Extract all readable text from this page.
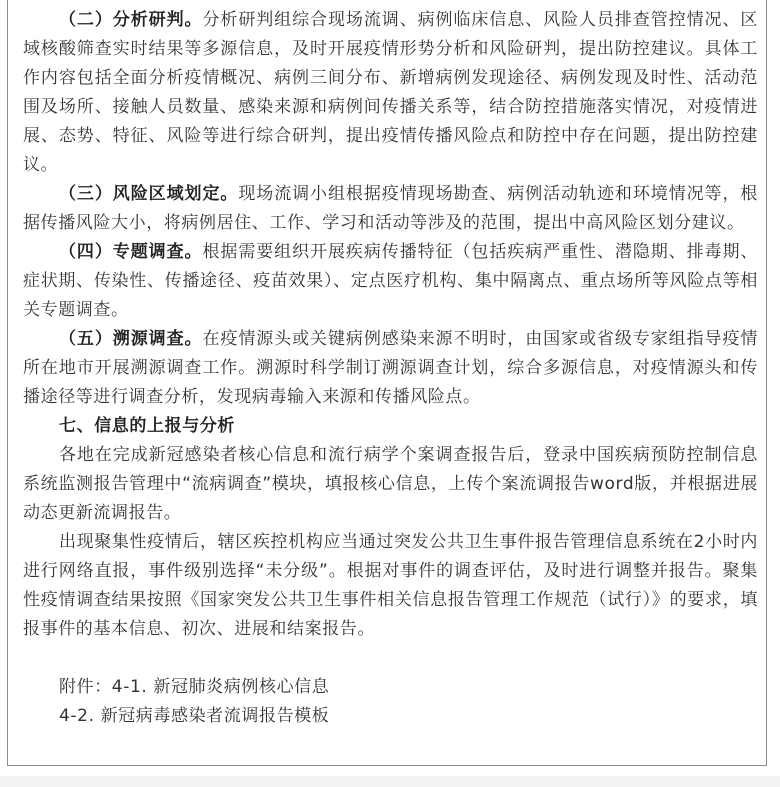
（二）分析研判。分析研判组综合现场流调、病例临床信息、风险人员排查管控情况、区域核酸筛查实时结果等多源信息，及时开展疫情形势分析和风险研判，提出防控建议。具体工作内容包括全面分析疫情概况、病例三间分布、新增病例发现途径、病例发现及时性、活动范围及场所、接触人员数量、感染来源和病例间传播关系等，结合防控措施落实情况，对疫情进展、态势、特征、风险等进行综合研判，提出疫情传播风险点和防控中存在问题，提出防控建议。

（三）风险区域划定。现场流调小组根据疫情现场勘查、病例活动轨迹和环境情况等，根据传播风险大小，将病例居住、工作、学习和活动等涉及的范围，提出中高风险区划分建议。

（四）专题调查。根据需要组织开展疾病传播特征（包括疾病严重性、潜隐期、排毒期、症状期、传染性、传播途径、疫苗效果）、定点医疗机构、集中隔离点、重点场所等风险点等相关专题调查。

（五）溯源调查。在疫情源头或关键病例感染来源不明时，由国家或省级专家组指导疫情所在地市开展溯源调查工作。溯源时科学制订溯源调查计划，综合多源信息，对疫情源头和传播途径等进行调查分析，发现病毒输入来源和传播风险点。

七、信息的上报与分析

各地在完成新冠感染者核心信息和流行病学个案调查报告后，登录中国疾病预防控制信息系统监测报告管理中“流病调查”模块，填报核心信息，上传个案流调报告word版，并根据进展动态更新流调报告。

出现聚集性疫情后，辖区疾控机构应当通过突发公共卫生事件报告管理信息系统在2小时内进行网络直报，事件级别选择“未分级”。根据对事件的调查评估，及时进行调整并报告。聚集性疫情调查结果按照《国家突发公共卫生事件相关信息报告管理工作规范（试行）》的要求，填报事件的基本信息、初次、进展和结案报告。

附件：4-1. 新冠肺炎病例核心信息

4-2. 新冠病毒感染者流调报告模板
